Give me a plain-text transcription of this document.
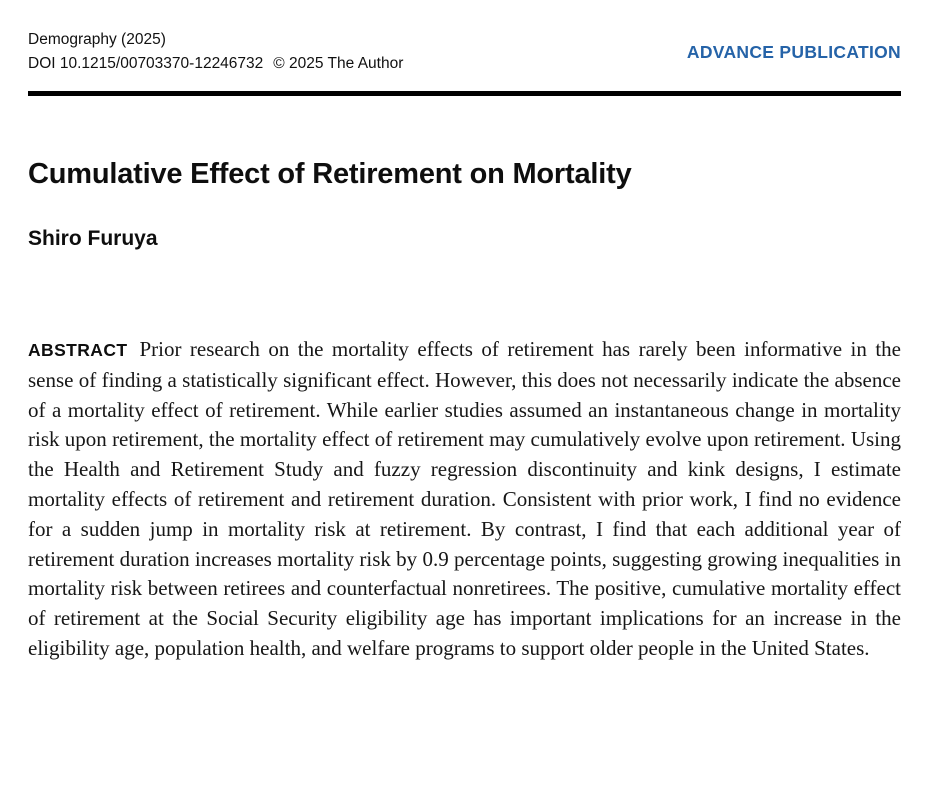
Demography (2025)
DOI 10.1215/00703370-12246732 © 2025 The Author
ADVANCE PUBLICATION
Cumulative Effect of Retirement on Mortality
Shiro Furuya

ABSTRACT Prior research on the mortality effects of retirement has rarely been informative in the sense of finding a statistically significant effect. However, this does not necessarily indicate the absence of a mortality effect of retirement. While earlier studies assumed an instantaneous change in mortality risk upon retirement, the mortality effect of retirement may cumulatively evolve upon retirement. Using the Health and Retirement Study and fuzzy regression discontinuity and kink designs, I estimate mortality effects of retirement and retirement duration. Consistent with prior work, I find no evidence for a sudden jump in mortality risk at retirement. By contrast, I find that each additional year of retirement duration increases mortality risk by 0.9 percentage points, suggesting growing inequalities in mortality risk between retirees and counterfactual nonretirees. The positive, cumulative mortality effect of retirement at the Social Security eligibility age has important implications for an increase in the eligibility age, population health, and welfare programs to support older people in the United States.
